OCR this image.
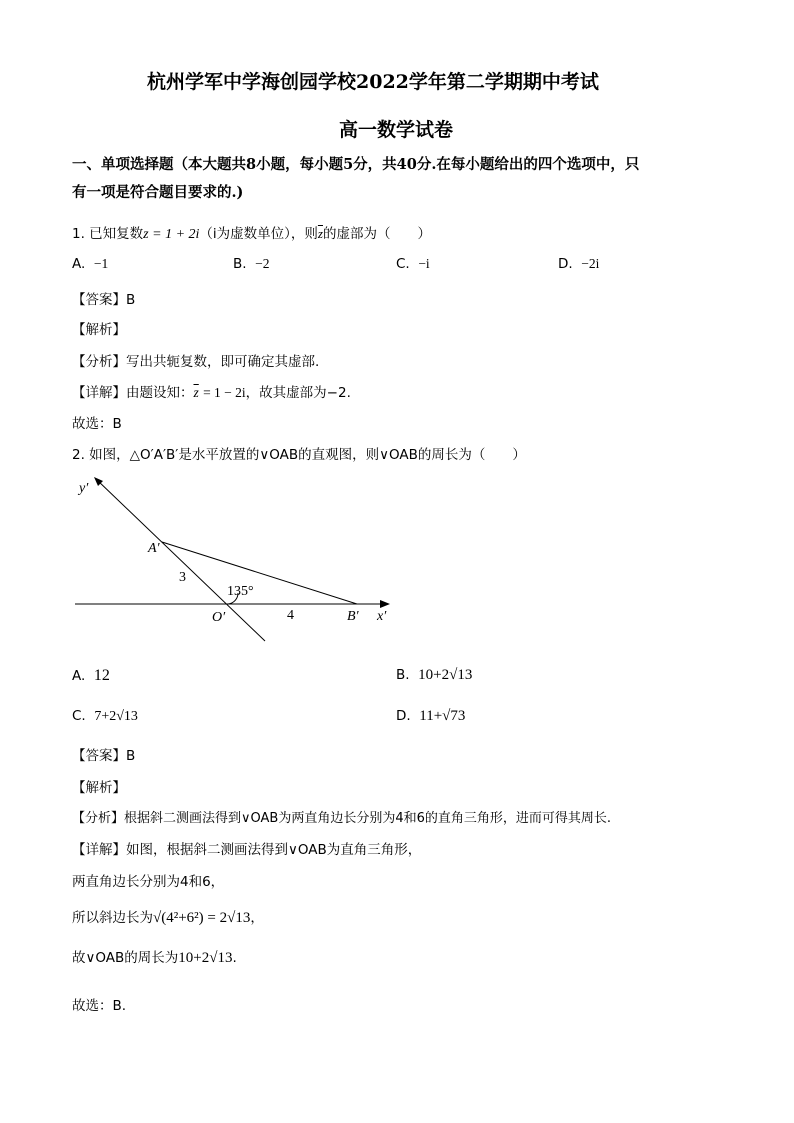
杭州学军中学海创园学校2022学年第二学期期中考试
高一数学试卷
一、单项选择题（本大题共8小题，每小题5分，共40分.在每小题给出的四个选项中，只
有一项是符合题目要求的.)
1. 已知复数z = 1 + 2i（i为虚数单位），则$\overline{z}$的虚部为（　　）
A. −1	B. −2	C. −i	D. −2i
【答案】B
【解析】
【分析】写出共轭复数，即可确定其虚部.
【详解】由题设知：$\overline{z} = 1 - 2i$，故其虚部为−2.
故选：B
2. 如图，△O′A′B′是水平放置的∨OAB的直观图，则∨OAB的周长为（　　）
y′
A′
3
135°
O′	4	B′ x′
A. 12	B. 10+2√13
C. 7+2√13	D. 11+√73
【答案】B
【解析】
【分析】根据斜二测画法得到∨OAB为两直角边长分别为4和6的直角三角形，进而可得其周长.
【详解】如图，根据斜二测画法得到∨OAB为直角三角形，
两直角边长分别为4和6，
所以斜边长为√(4²+6²) = 2√13，
故∨OAB的周长为10+2√13.
故选：B.
